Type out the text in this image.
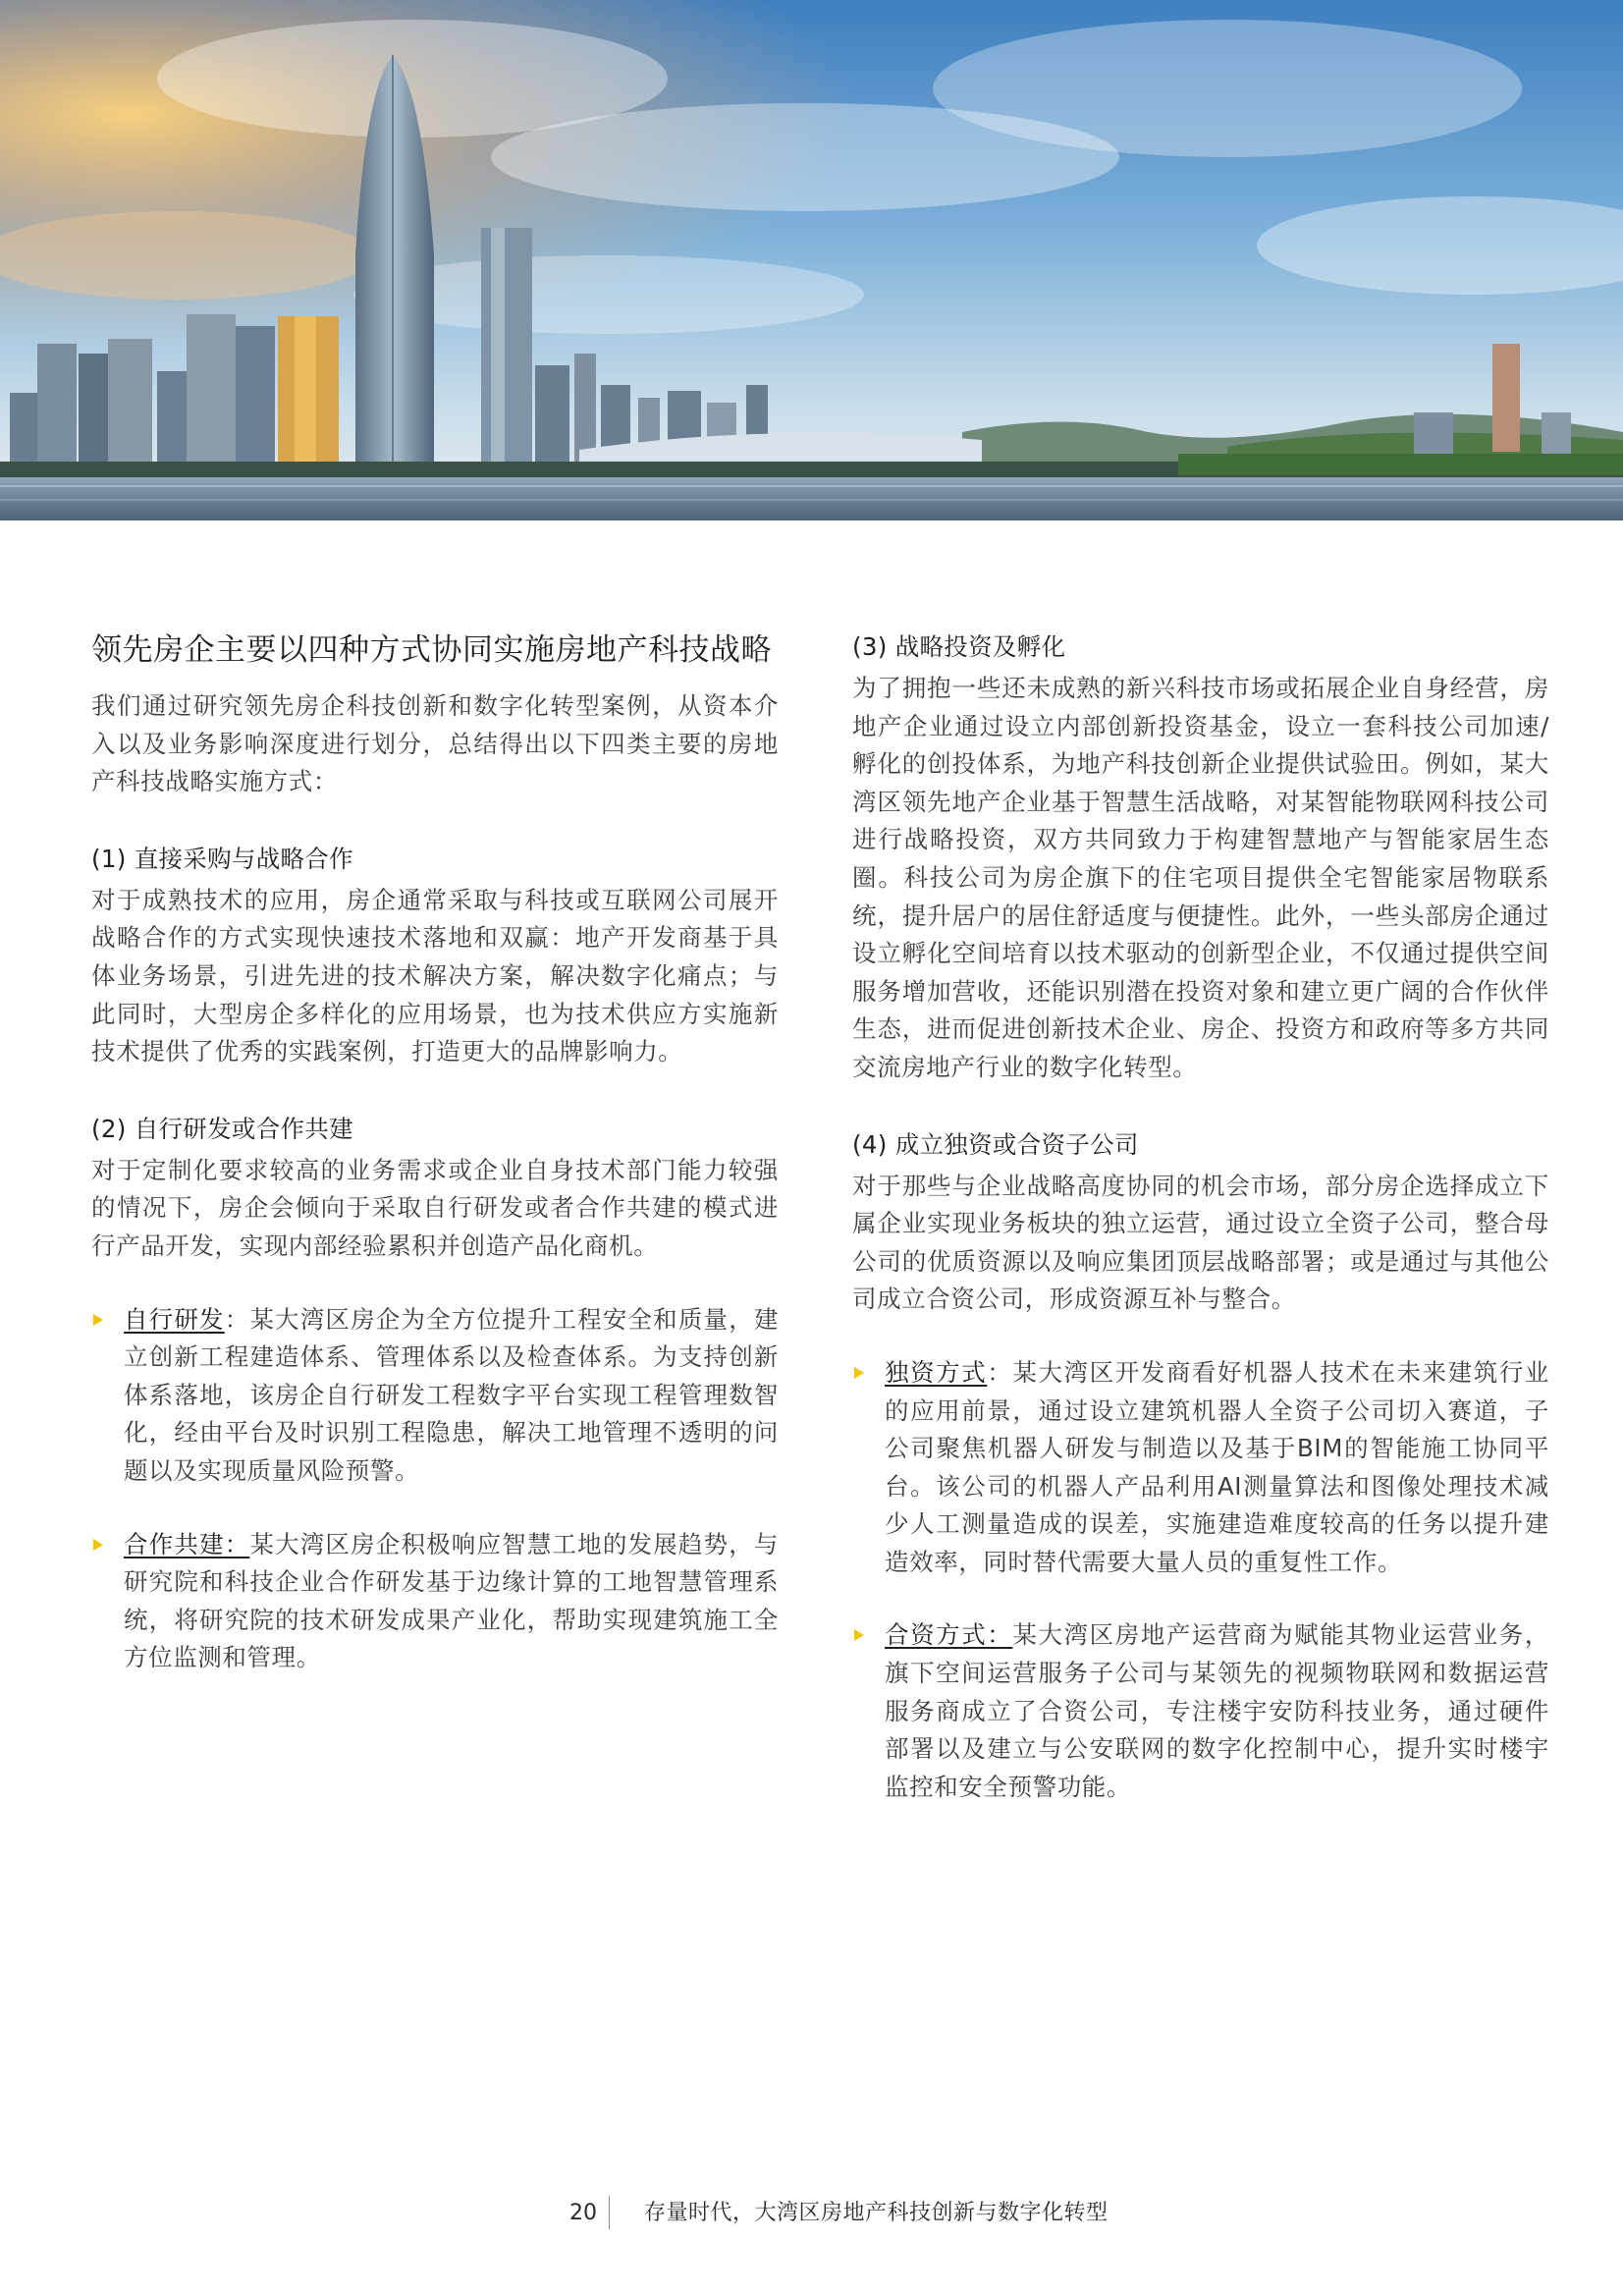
领先房企主要以四种方式协同实施房地产科技战略

我们通过研究领先房企科技创新和数字化转型案例，从资本介入以及业务影响深度进行划分，总结得出以下四类主要的房地产科技战略实施方式：

(1) 直接采购与战略合作

对于成熟技术的应用，房企通常采取与科技或互联网公司展开战略合作的方式实现快速技术落地和双赢：地产开发商基于具体业务场景，引进先进的技术解决方案，解决数字化痛点；与此同时，大型房企多样化的应用场景，也为技术供应方实施新技术提供了优秀的实践案例，打造更大的品牌影响力。

(2) 自行研发或合作共建

对于定制化要求较高的业务需求或企业自身技术部门能力较强的情况下，房企会倾向于采取自行研发或者合作共建的模式进行产品开发，实现内部经验累积并创造产品化商机。

自行研发：某大湾区房企为全方位提升工程安全和质量，建立创新工程建造体系、管理体系以及检查体系。为支持创新体系落地，该房企自行研发工程数字平台实现工程管理数智化，经由平台及时识别工程隐患，解决工地管理不透明的问题以及实现质量风险预警。

合作共建：某大湾区房企积极响应智慧工地的发展趋势，与研究院和科技企业合作研发基于边缘计算的工地智慧管理系统，将研究院的技术研发成果产业化，帮助实现建筑施工全方位监测和管理。

(3) 战略投资及孵化

为了拥抱一些还未成熟的新兴科技市场或拓展企业自身经营，房地产企业通过设立内部创新投资基金，设立一套科技公司加速/孵化的创投体系，为地产科技创新企业提供试验田。例如，某大湾区领先地产企业基于智慧生活战略，对某智能物联网科技公司进行战略投资，双方共同致力于构建智慧地产与智能家居生态圈。科技公司为房企旗下的住宅项目提供全宅智能家居物联系统，提升居户的居住舒适度与便捷性。此外，一些头部房企通过设立孵化空间培育以技术驱动的创新型企业，不仅通过提供空间服务增加营收，还能识别潜在投资对象和建立更广阔的合作伙伴生态，进而促进创新技术企业、房企、投资方和政府等多方共同交流房地产行业的数字化转型。

(4) 成立独资或合资子公司

对于那些与企业战略高度协同的机会市场，部分房企选择成立下属企业实现业务板块的独立运营，通过设立全资子公司，整合母公司的优质资源以及响应集团顶层战略部署；或是通过与其他公司成立合资公司，形成资源互补与整合。

独资方式：某大湾区开发商看好机器人技术在未来建筑行业的应用前景，通过设立建筑机器人全资子公司切入赛道，子公司聚焦机器人研发与制造以及基于BIM的智能施工协同平台。该公司的机器人产品利用AI测量算法和图像处理技术减少人工测量造成的误差，实施建造难度较高的任务以提升建造效率，同时替代需要大量人员的重复性工作。

合资方式：某大湾区房地产运营商为赋能其物业运营业务，旗下空间运营服务子公司与某领先的视频物联网和数据运营服务商成立了合资公司，专注楼宇安防科技业务，通过硬件部署以及建立与公安联网的数字化控制中心，提升实时楼宇监控和安全预警功能。

20 存量时代，大湾区房地产科技创新与数字化转型
